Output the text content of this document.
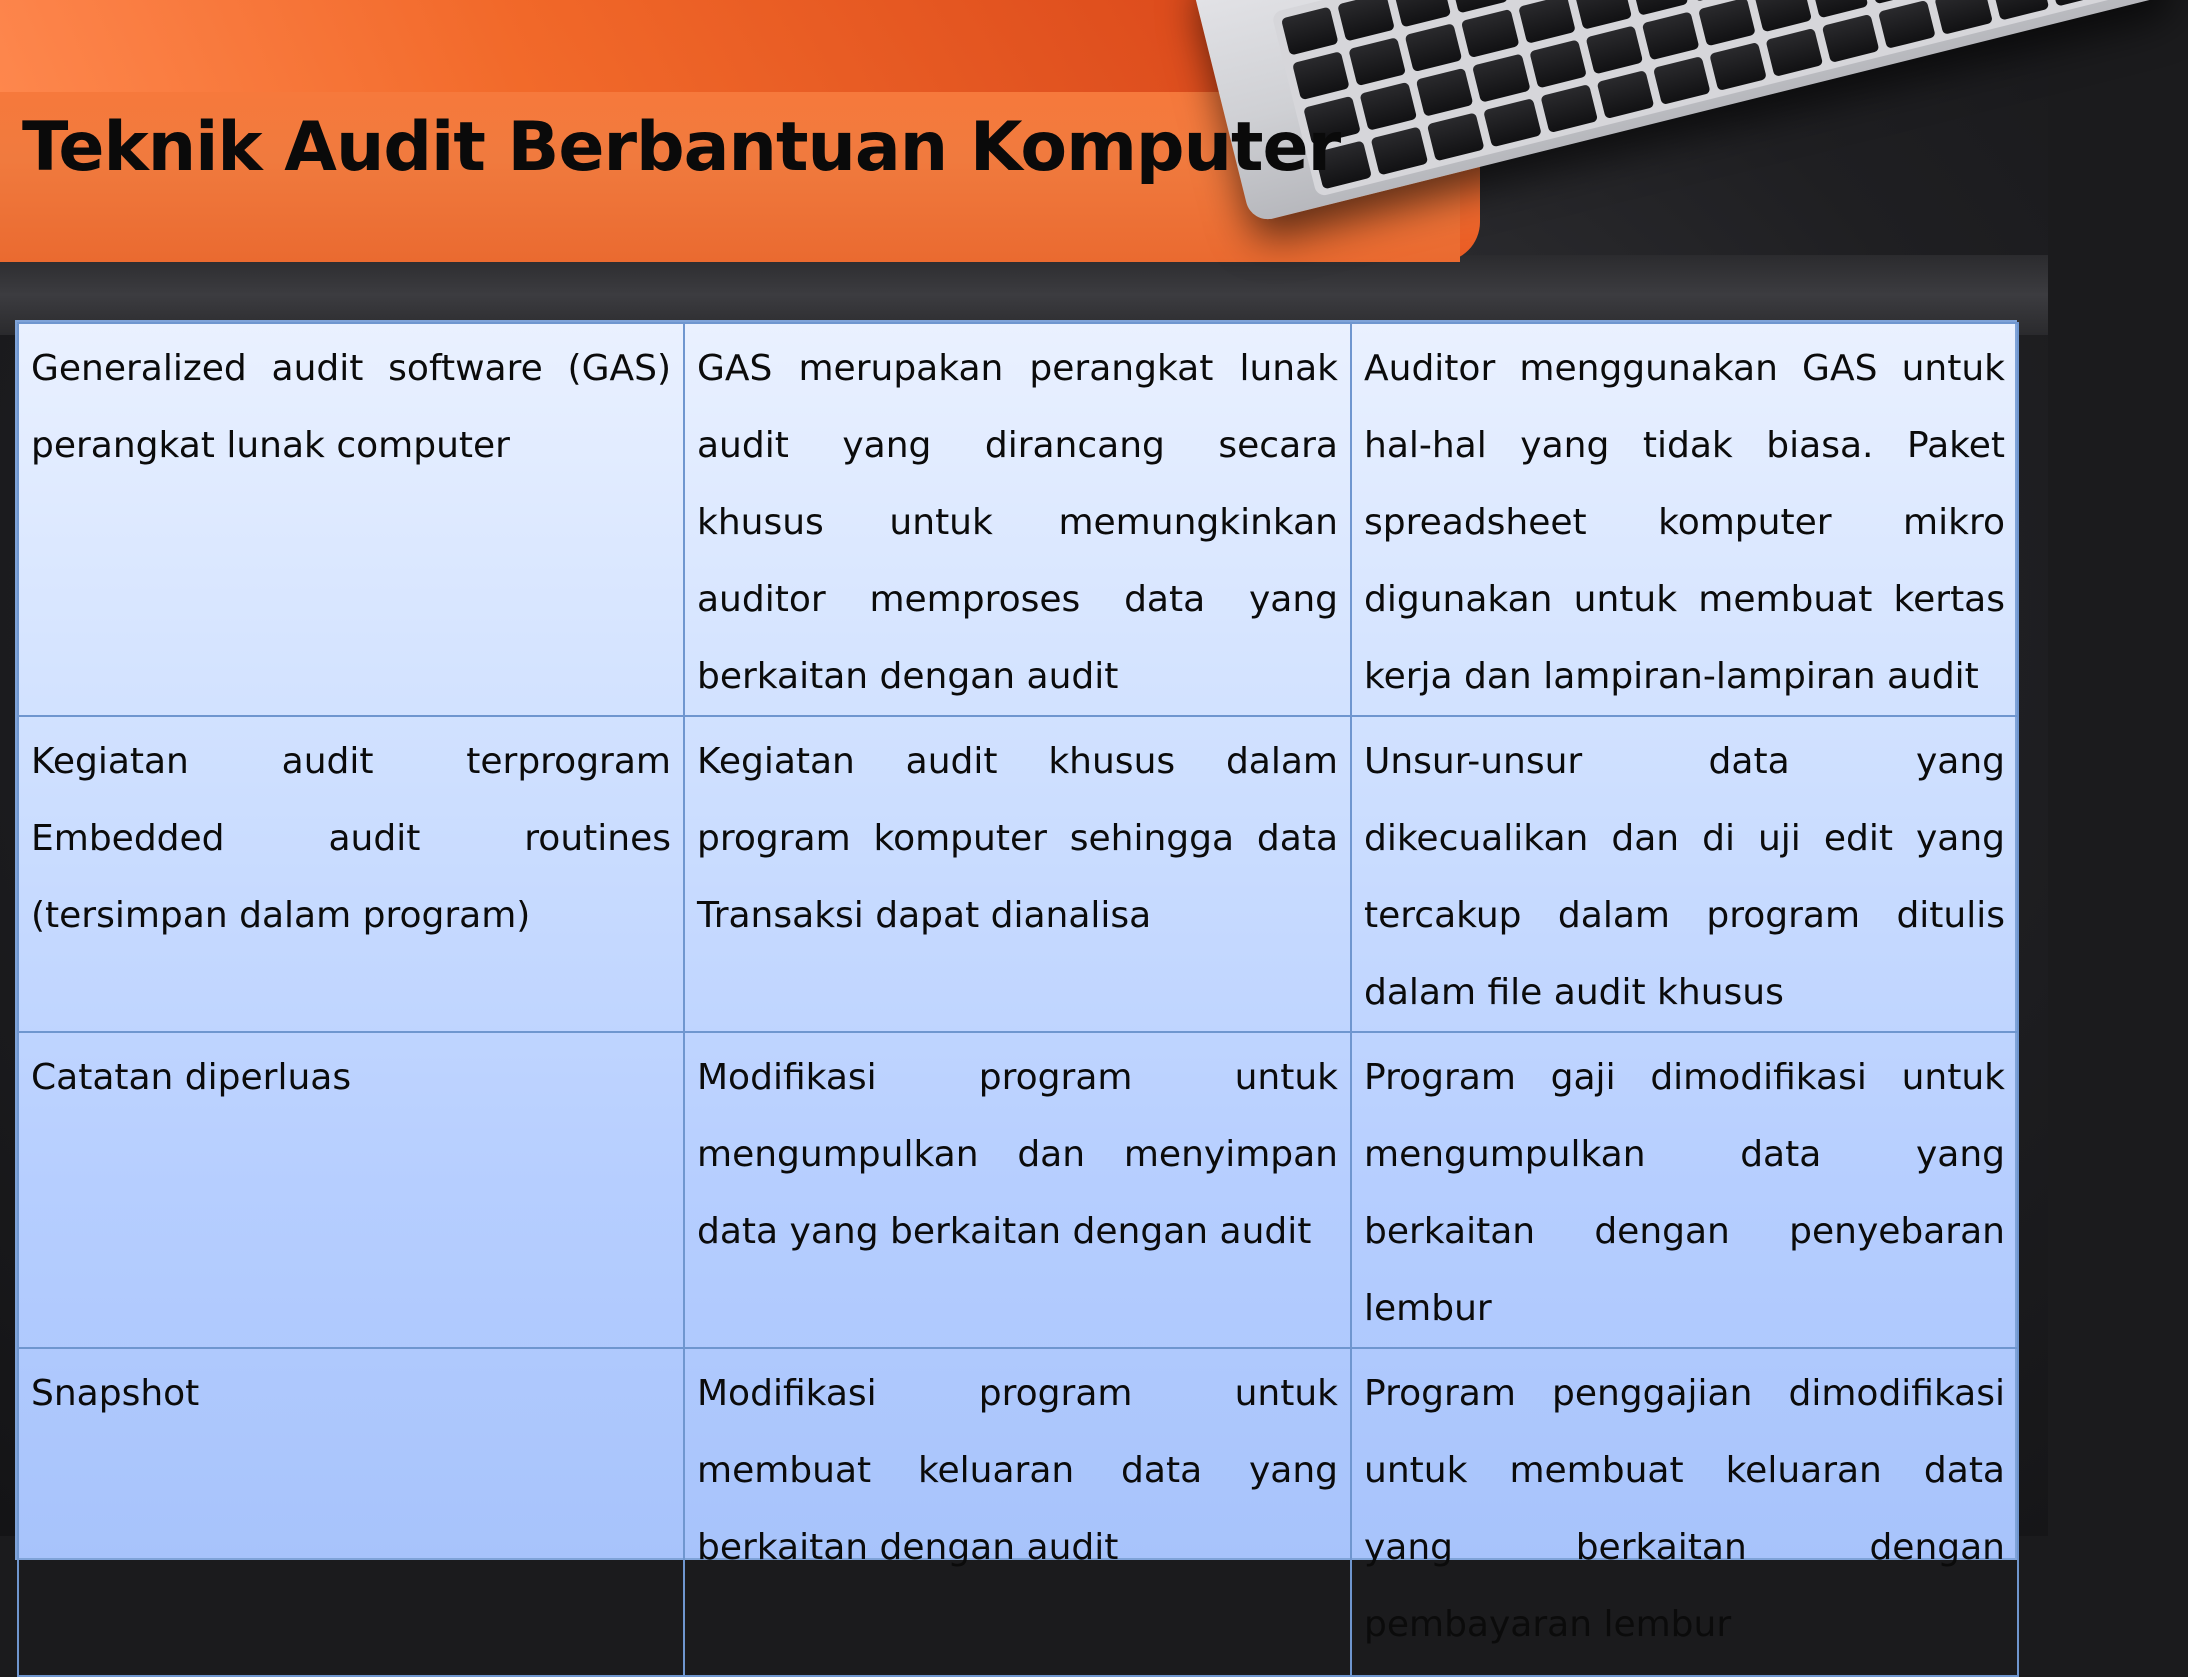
Teknik Audit Berbantuan Komputer
Generalized audit software (GAS) perangkat lunak computer	GAS merupakan perangkat lunak audit yang dirancang secara khusus untuk memungkinkan auditor memproses data yang berkaitan dengan audit	Auditor menggunakan GAS untuk hal-hal yang tidak biasa. Paket spreadsheet komputer mikro digunakan untuk membuat kertas kerja dan lampiran-lampiran audit
Kegiatan audit terprogram Embedded audit routines (tersimpan dalam program)	Kegiatan audit khusus dalam program komputer sehingga data Transaksi dapat dianalisa	Unsur-unsur data yang dikecualikan dan di uji edit yang tercakup dalam program ditulis dalam file audit khusus
Catatan diperluas	Modifikasi program untuk mengumpulkan dan menyimpan data yang berkaitan dengan audit	Program gaji dimodifikasi untuk mengumpulkan data yang berkaitan dengan penyebaran lembur
Snapshot	Modifikasi program untuk membuat keluaran data yang berkaitan dengan audit	Program penggajian dimodifikasi untuk membuat keluaran data yang berkaitan dengan pembayaran lembur
